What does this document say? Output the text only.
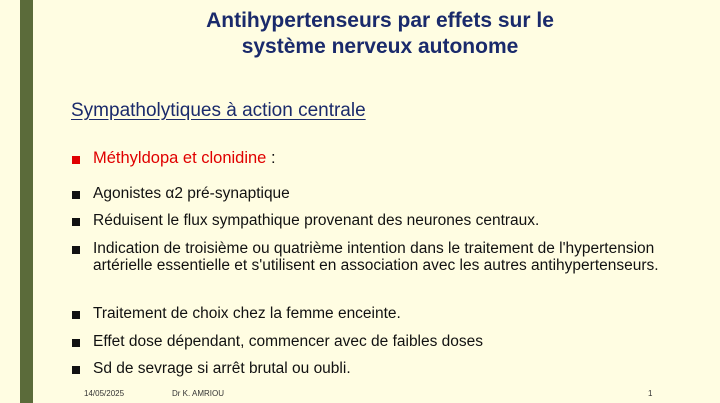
Antihypertenseurs par effets sur le
système nerveux autonome
Sympatholytiques à action centrale
Méthyldopa et clonidine :
Agonistes α2 pré-synaptique
Réduisent le flux sympathique provenant des neurones centraux.
Indication de troisième ou quatrième intention dans le traitement de l'hypertension artérielle essentielle et s'utilisent en association avec les autres antihypertenseurs.
Traitement de choix chez la femme enceinte.
Effet dose dépendant, commencer avec de faibles doses
Sd de sevrage si arrêt brutal ou oubli.
14/05/2025	Dr K. AMRIOU	1
